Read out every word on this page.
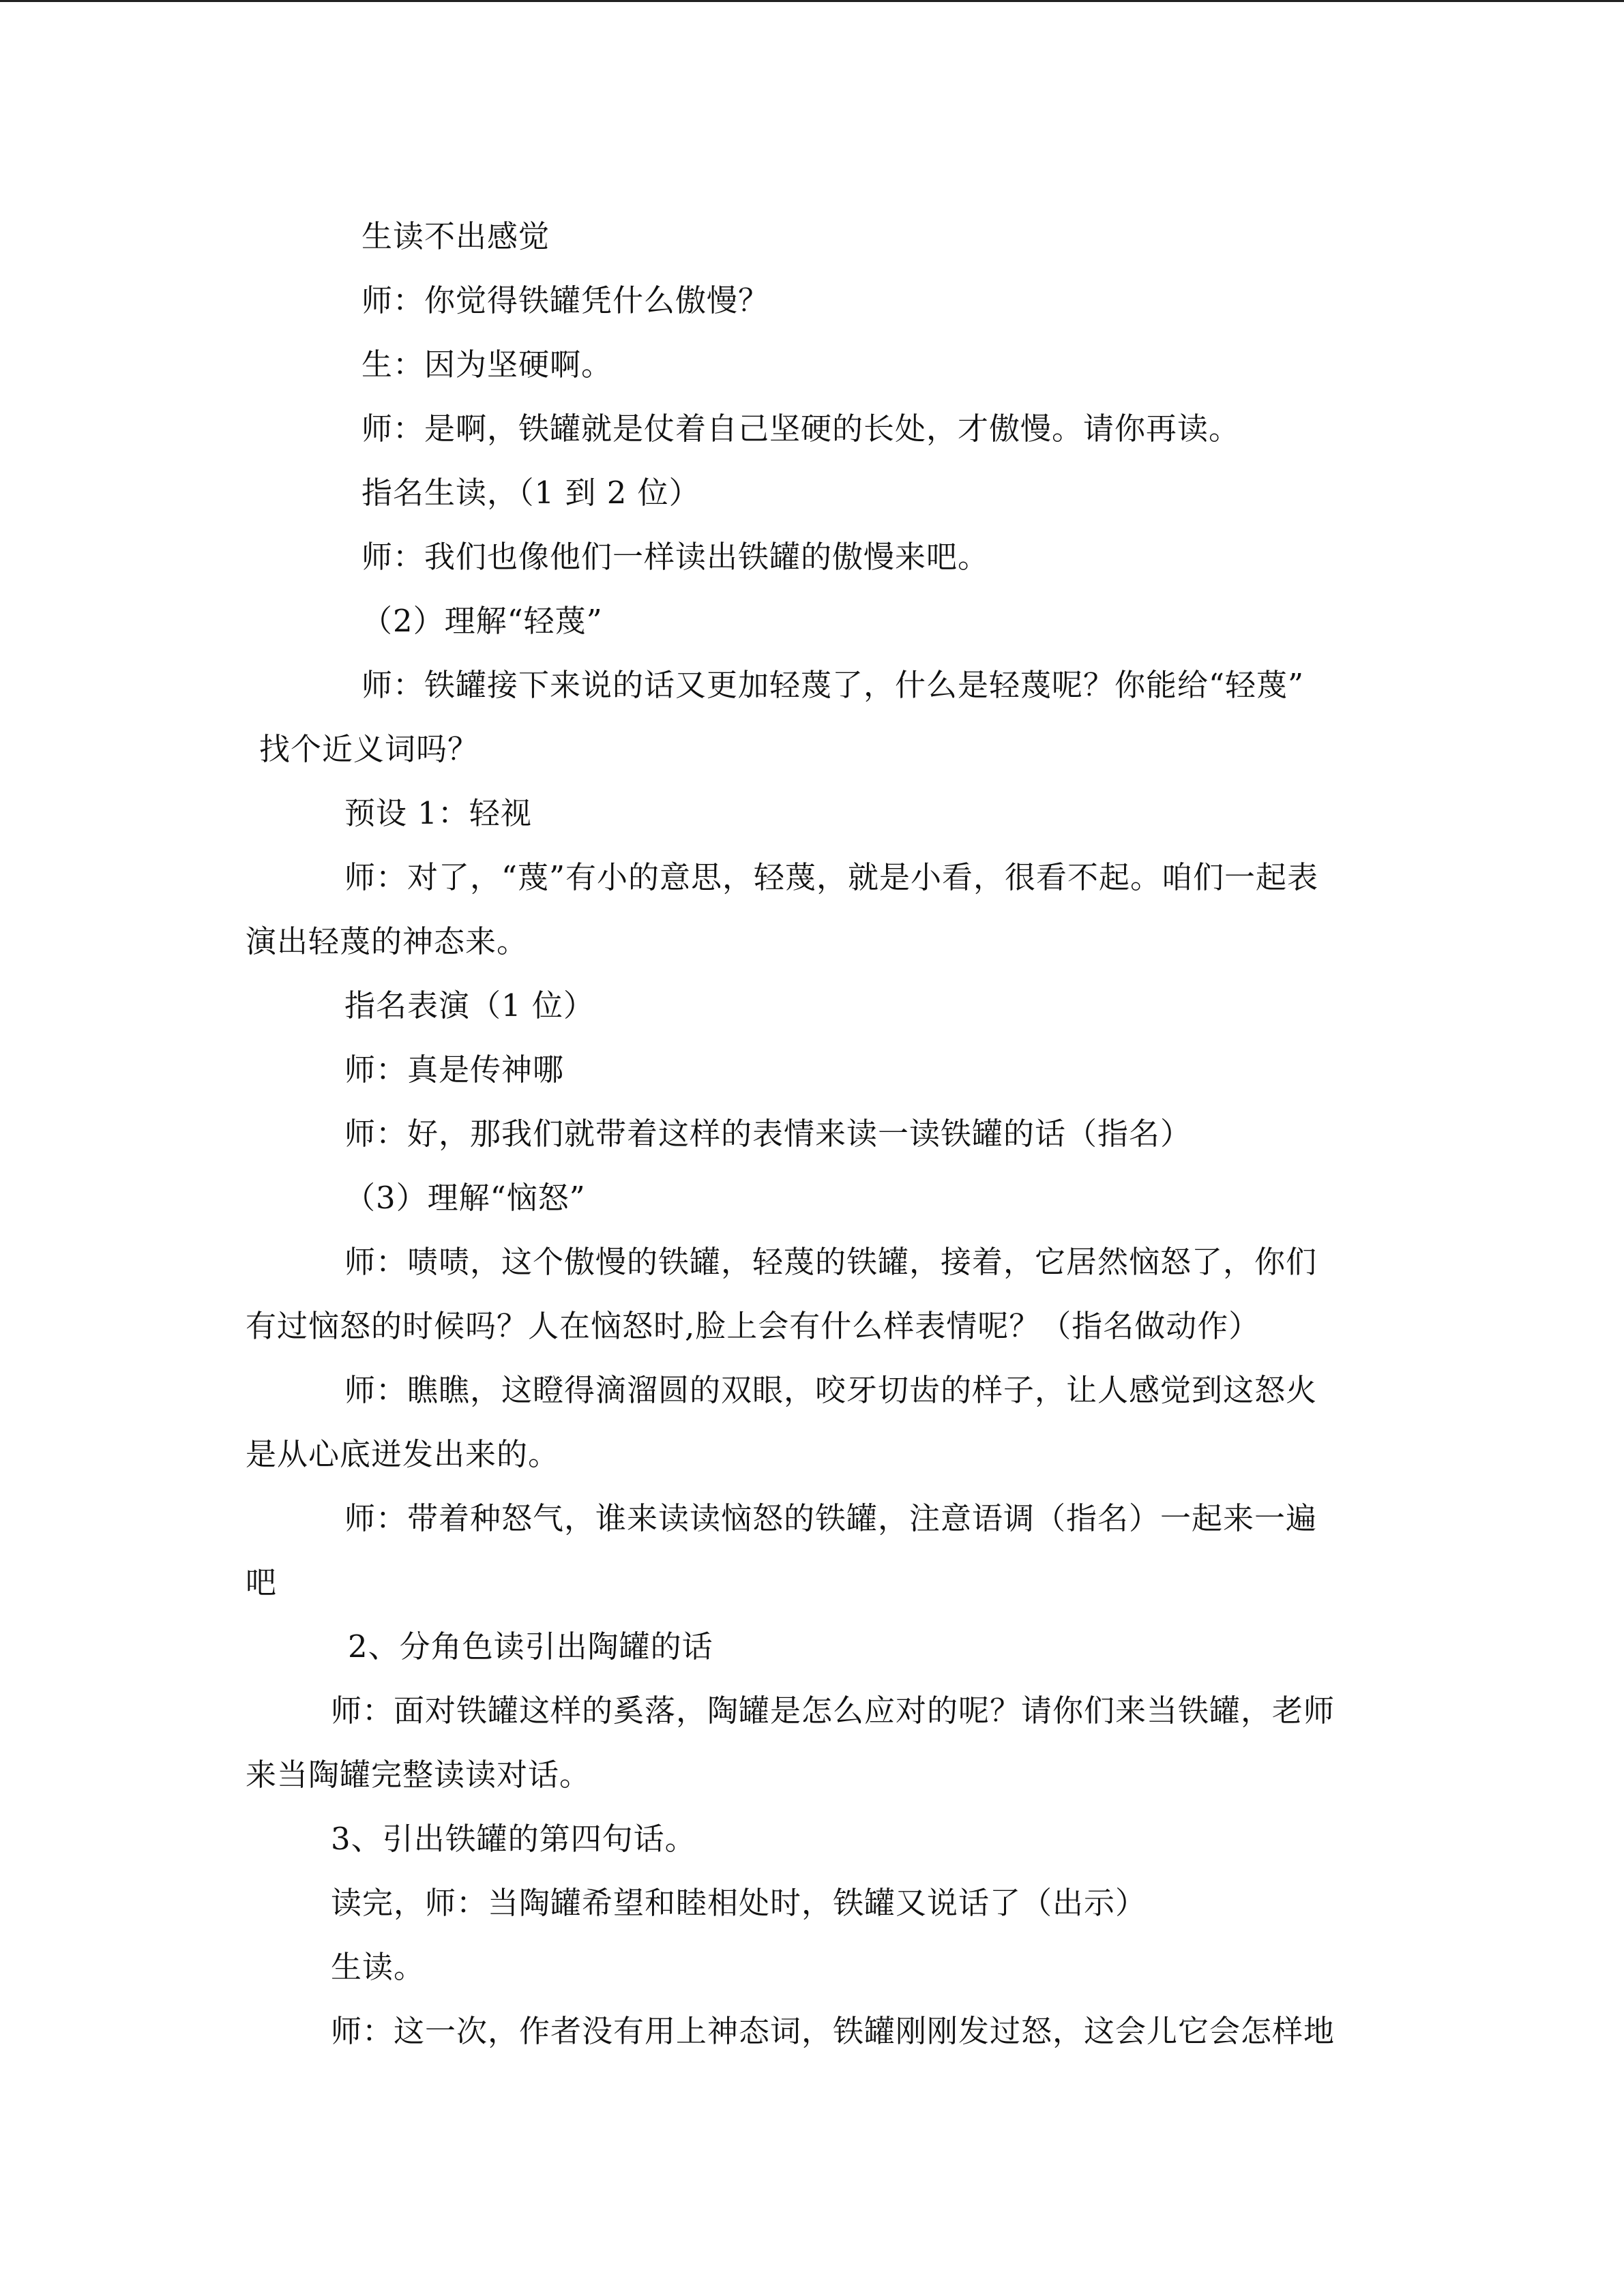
生读不出感觉

师：你觉得铁罐凭什么傲慢？

生：因为坚硬啊。

师：是啊，铁罐就是仗着自己坚硬的长处，才傲慢。请你再读。

指名生读，（1 到 2 位）

师：我们也像他们一样读出铁罐的傲慢来吧。

（2）理解“轻蔑”

师：铁罐接下来说的话又更加轻蔑了，什么是轻蔑呢？你能给“轻蔑”

找个近义词吗？

预设 1：轻视

师：对了，“蔑”有小的意思，轻蔑，就是小看，很看不起。咱们一起表

演出轻蔑的神态来。

指名表演（1 位）

师：真是传神哪

师：好，那我们就带着这样的表情来读一读铁罐的话（指名）

（3）理解“恼怒”

师：啧啧，这个傲慢的铁罐，轻蔑的铁罐，接着，它居然恼怒了，你们

有过恼怒的时候吗？人在恼怒时,脸上会有什么样表情呢？（指名做动作）

师：瞧瞧，这瞪得滴溜圆的双眼，咬牙切齿的样子，让人感觉到这怒火

是从心底迸发出来的。

师：带着种怒气，谁来读读恼怒的铁罐，注意语调（指名）一起来一遍

吧

2、分角色读引出陶罐的话

师：面对铁罐这样的奚落，陶罐是怎么应对的呢？请你们来当铁罐，老师

来当陶罐完整读读对话。

3、引出铁罐的第四句话。

读完，师：当陶罐希望和睦相处时，铁罐又说话了（出示）

生读。

师：这一次，作者没有用上神态词，铁罐刚刚发过怒，这会儿它会怎样地
